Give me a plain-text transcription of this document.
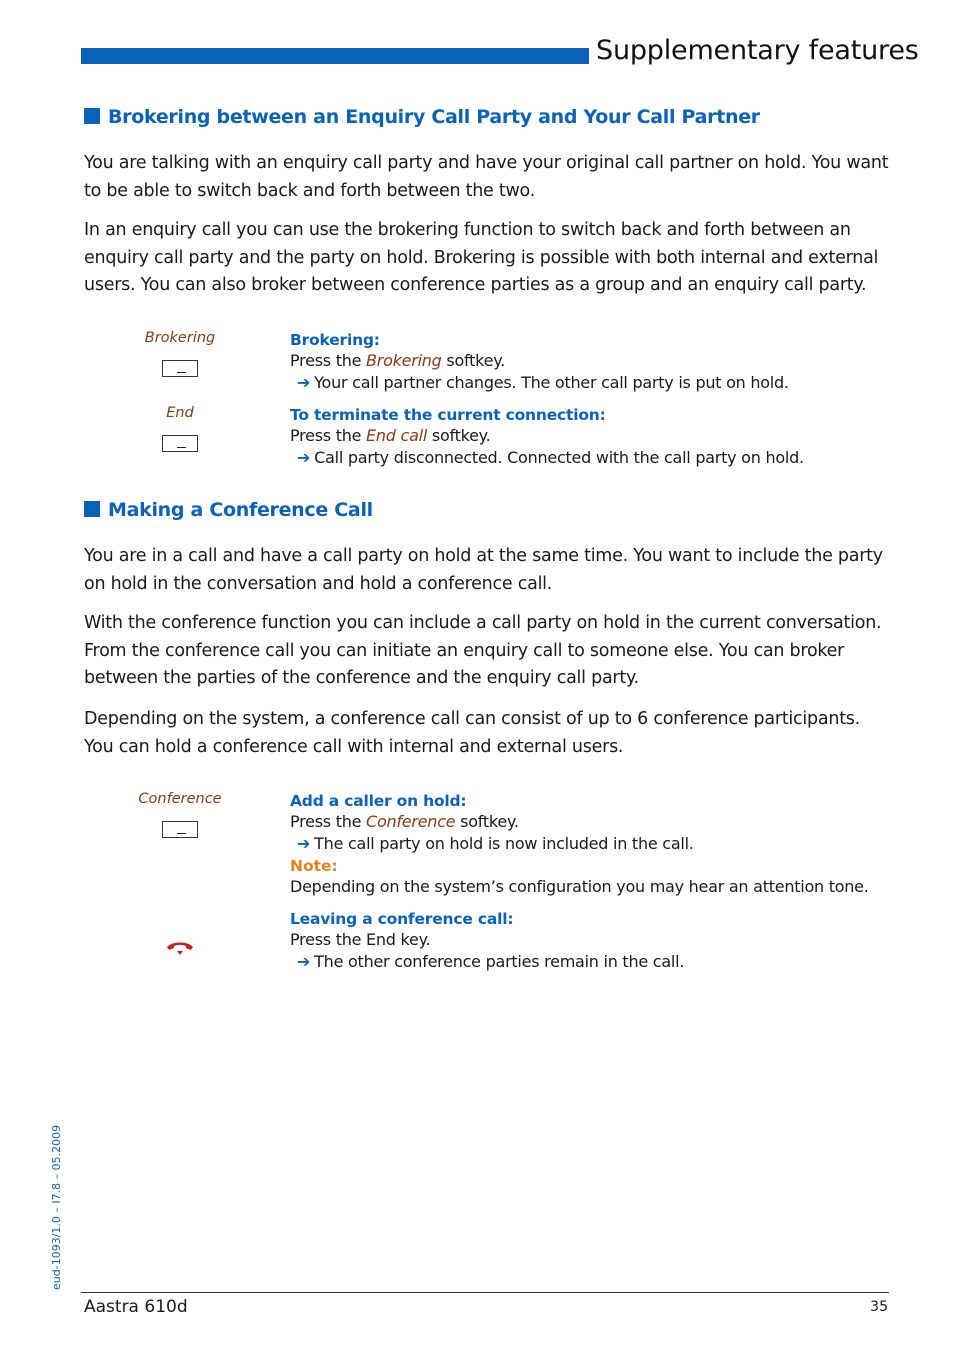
Supplementary features
Brokering between an Enquiry Call Party and Your Call Partner
You are talking with an enquiry call party and have your original call partner on hold. You want to be able to switch back and forth between the two.
In an enquiry call you can use the brokering function to switch back and forth between an enquiry call party and the party on hold. Brokering is possible with both internal and external users. You can also broker between conference parties as a group and an enquiry call party.
Brokering	Brokering:
Press the Brokering softkey.
➔ Your call partner changes. The other call party is put on hold.
End	To terminate the current connection:
Press the End call softkey.
➔ Call party disconnected. Connected with the call party on hold.
Making a Conference Call
You are in a call and have a call party on hold at the same time. You want to include the party on hold in the conversation and hold a conference call.
With the conference function you can include a call party on hold in the current conversation. From the conference call you can initiate an enquiry call to someone else. You can broker between the parties of the conference and the enquiry call party.
Depending on the system, a conference call can consist of up to 6 conference participants. You can hold a conference call with internal and external users.
Conference	Add a caller on hold:
Press the Conference softkey.
➔ The call party on hold is now included in the call.
Note:
Depending on the system’s configuration you may hear an attention tone.
Leaving a conference call:
Press the End key.
➔ The other conference parties remain in the call.
eud-1093/1.0 – I7.8 – 05.2009
Aastra 610d	35
